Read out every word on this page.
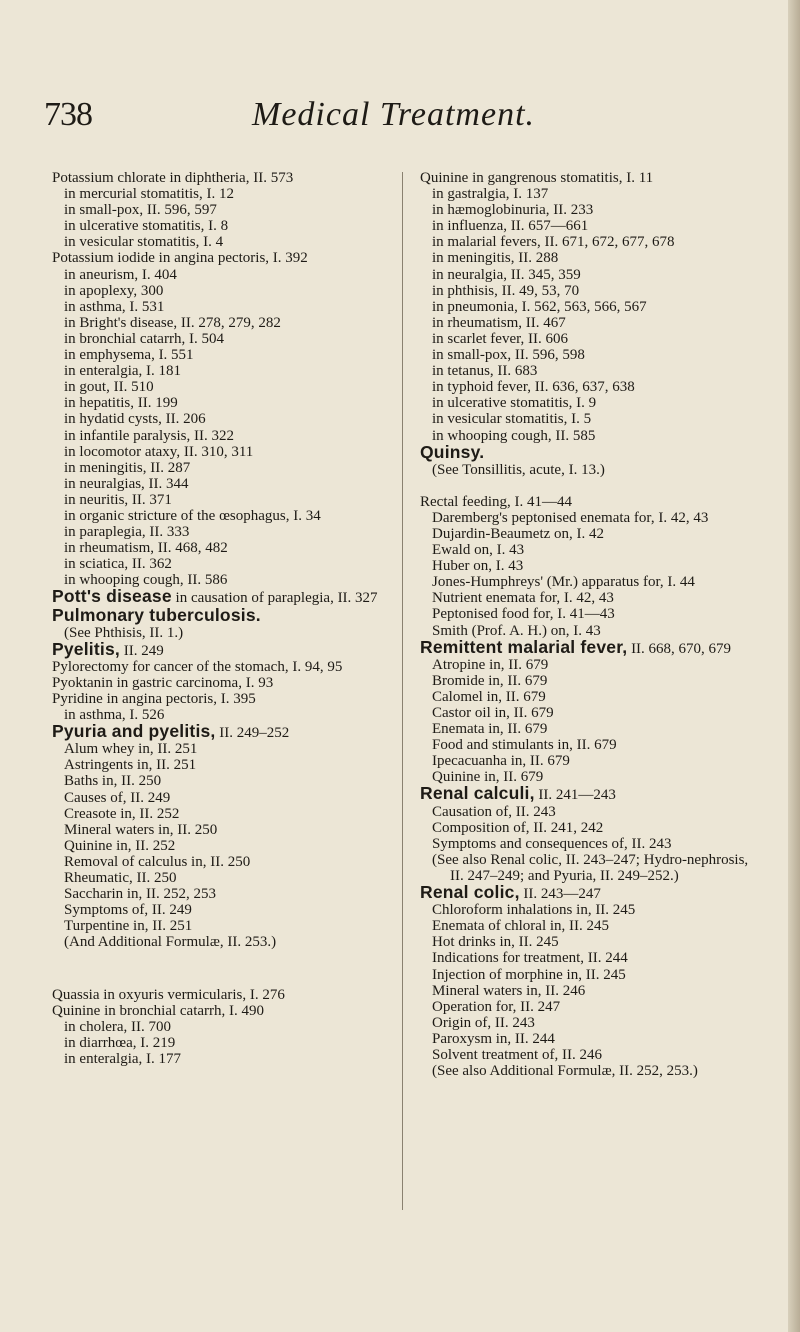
738	Medical Treatment.
Potassium chlorate in diphtheria, II. 573
in mercurial stomatitis, I. 12
in small-pox, II. 596, 597
in ulcerative stomatitis, I. 8
in vesicular stomatitis, I. 4
Potassium iodide in angina pectoris, I. 392
in aneurism, I. 404
in apoplexy, 300
in asthma, I. 531
in Bright's disease, II. 278, 279, 282
in bronchial catarrh, I. 504
in emphysema, I. 551
in enteralgia, I. 181
in gout, II. 510
in hepatitis, II. 199
in hydatid cysts, II. 206
in infantile paralysis, II. 322
in locomotor ataxy, II. 310, 311
in meningitis, II. 287
in neuralgias, II. 344
in neuritis, II. 371
in organic stricture of the œsophagus, I. 34
in paraplegia, II. 333
in rheumatism, II. 468, 482
in sciatica, II. 362
in whooping cough, II. 586
Pott's disease in causation of paraplegia, II. 327
Pulmonary tuberculosis.
(See Phthisis, II. 1.)
Pyelitis, II. 249
Pylorectomy for cancer of the stomach, I. 94, 95
Pyoktanin in gastric carcinoma, I. 93
Pyridine in angina pectoris, I. 395
in asthma, I. 526
Pyuria and pyelitis, II. 249–252
Alum whey in, II. 251
Astringents in, II. 251
Baths in, II. 250
Causes of, II. 249
Creasote in, II. 252
Mineral waters in, II. 250
Quinine in, II. 252
Removal of calculus in, II. 250
Rheumatic, II. 250
Saccharin in, II. 252, 253
Symptoms of, II. 249
Turpentine in, II. 251
(And Additional Formulæ, II. 253.)
Quassia in oxyuris vermicularis, I. 276
Quinine in bronchial catarrh, I. 490
in cholera, II. 700
in diarrhœa, I. 219
in enteralgia, I. 177
Quinine in gangrenous stomatitis, I. 11
in gastralgia, I. 137
in hæmoglobinuria, II. 233
in influenza, II. 657—661
in malarial fevers, II. 671, 672, 677, 678
in meningitis, II. 288
in neuralgia, II. 345, 359
in phthisis, II. 49, 53, 70
in pneumonia, I. 562, 563, 566, 567
in rheumatism, II. 467
in scarlet fever, II. 606
in small-pox, II. 596, 598
in tetanus, II. 683
in typhoid fever, II. 636, 637, 638
in ulcerative stomatitis, I. 9
in vesicular stomatitis, I. 5
in whooping cough, II. 585
Quinsy.
(See Tonsillitis, acute, I. 13.)
Rectal feeding, I. 41—44
Daremberg's peptonised enemata for, I. 42, 43
Dujardin-Beaumetz on, I. 42
Ewald on, I. 43
Huber on, I. 43
Jones-Humphreys' (Mr.) apparatus for, I. 44
Nutrient enemata for, I. 42, 43
Peptonised food for, I. 41—43
Smith (Prof. A. H.) on, I. 43
Remittent malarial fever, II. 668, 670, 679
Atropine in, II. 679
Bromide in, II. 679
Calomel in, II. 679
Castor oil in, II. 679
Enemata in, II. 679
Food and stimulants in, II. 679
Ipecacuanha in, II. 679
Quinine in, II. 679
Renal calculi, II. 241—243
Causation of, II. 243
Composition of, II. 241, 242
Symptoms and consequences of, II. 243
(See also Renal colic, II. 243–247; Hydro-nephrosis, II. 247–249; and Pyuria, II. 249–252.)
Renal colic, II. 243—247
Chloroform inhalations in, II. 245
Enemata of chloral in, II. 245
Hot drinks in, II. 245
Indications for treatment, II. 244
Injection of morphine in, II. 245
Mineral waters in, II. 246
Operation for, II. 247
Origin of, II. 243
Paroxysm in, II. 244
Solvent treatment of, II. 246
(See also Additional Formulæ, II. 252, 253.)
